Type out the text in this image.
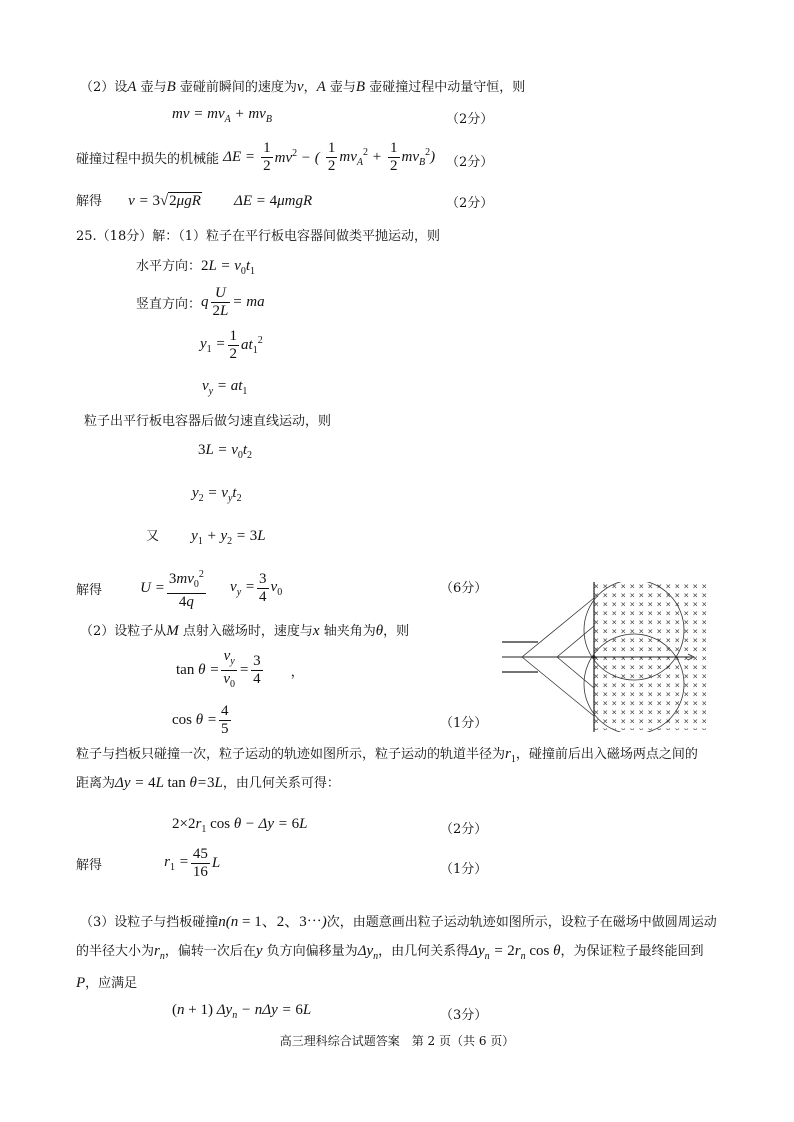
（2）设A 壶与B 壶碰前瞬间的速度为v，A 壶与B 壶碰撞过程中动量守恒，则
mv = $mv_A + mv_B$	（2分）
碰撞过程中损失的机械能 $\Delta E = \frac{1}{2} mv^2$ − ( $\frac{1}{2} mv_A^2 + \frac{1}{2} mv_B^2$) （2分）
解得 v = 3√2μgR ΔE = 4μmgR	（2分）
25.（18分）解：（1）粒子在平行板电容器间做类平抛运动，则
水平方向：$2L = v_0t_1$
竖直方向：q $\frac{U}{2L}$ = ma
$y_1 = \frac{1}{2} at_1^2$
$v_y = at_1$
粒子出平行板电容器后做匀速直线运动，则
$3L = v_0t_2$
$y_2 = v_yt_2$
又 $y_1 + y_2 = 3L$
解得	$U = \frac{3mv_0^2}{4q} v_y = \frac{3}{4} v_0$	（6分）
（2）设粒子从M 点射入磁场时，速度与x 轴夹角为θ，则
$\tan \theta = \frac{v_y}{v_0} = \frac{3}{4}$ ，
$\cos \theta = \frac{4}{5}$	（1分）
粒子与挡板只碰撞一次，粒子运动的轨迹如图所示，粒子运动的轨道半径为$r_1$，碰撞前后出入磁场两点之间的
距离为Δy = 4L tan θ=3L，由几何关系可得：
$2\times 2r_1$ cos θ − Δy = 6L	（2分）
解得	$r_1 = \frac{45}{16}$ L	（1分）
（3）设粒子与挡板碰撞n(n = 1、2、3⋯)次，由题意画出粒子运动轨迹如图所示，设粒子在磁场中做圆周运动
的半径大小为$r_n$，偏转一次后在y 负方向偏移量为$\Delta y_n$，由几何关系得$\Delta y_n = 2r_n$ cos θ，为保证粒子最终能回到
P，应满足
(n + 1) $\Delta y_n - n\Delta y = 6L$	（3分）
高三理科综合试题答案　第 2 页（共 6 页）
